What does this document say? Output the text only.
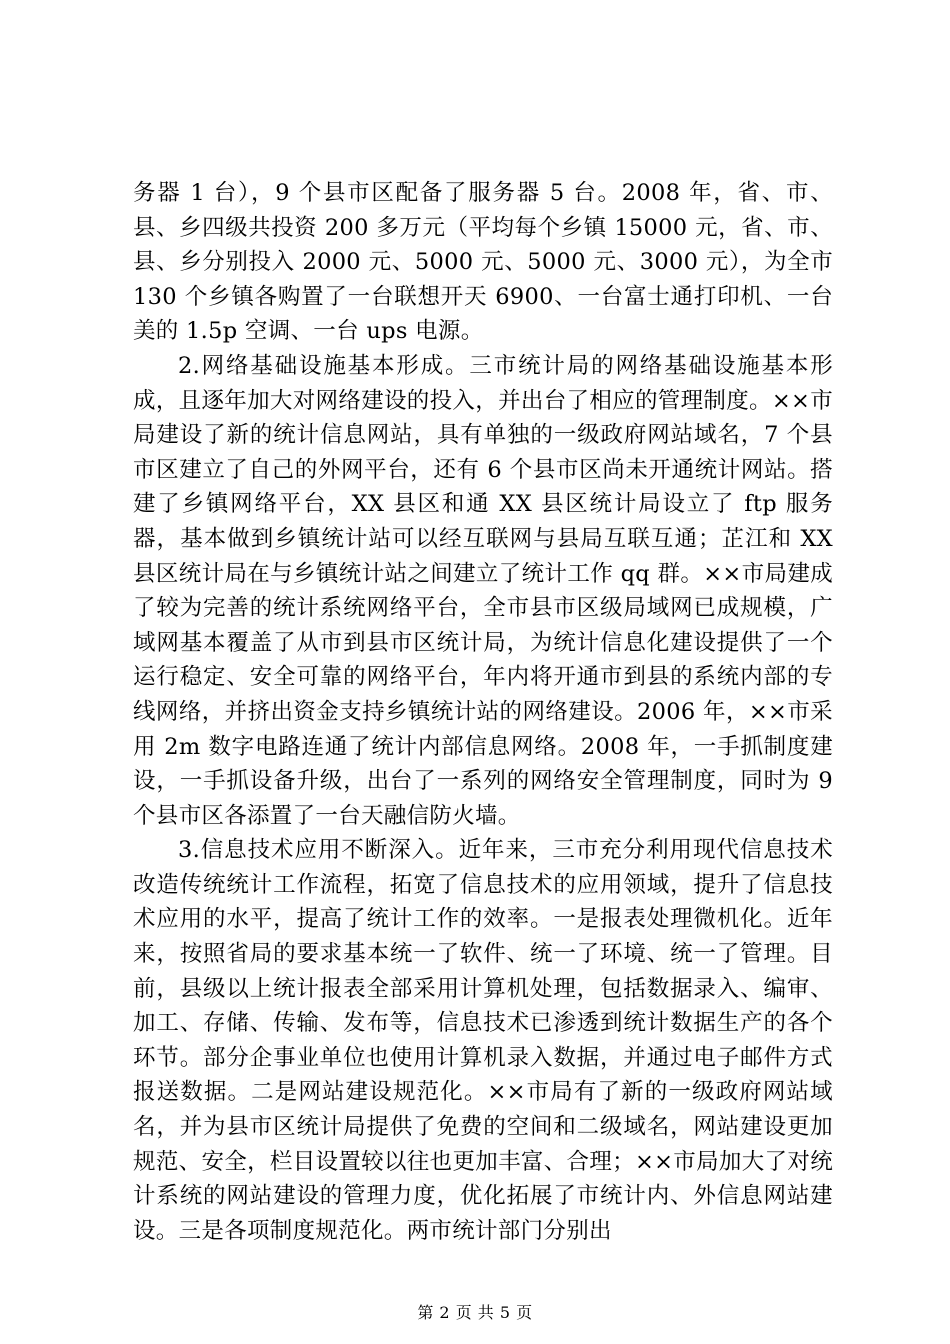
务器 1 台），9 个县市区配备了服务器 5 台。2008 年，省、市、县、乡四级共投资 200 多万元（平均每个乡镇 15000 元，省、市、县、乡分别投入 2000 元、5000 元、5000 元、3000 元），为全市 130 个乡镇各购置了一台联想开天 6900、一台富士通打印机、一台美的 1.5p 空调、一台 ups 电源。

2.网络基础设施基本形成。三市统计局的网络基础设施基本形成，且逐年加大对网络建设的投入，并出台了相应的管理制度。××市局建设了新的统计信息网站，具有单独的一级政府网站域名，7 个县市区建立了自己的外网平台，还有 6 个县市区尚未开通统计网站。搭建了乡镇网络平台，XX 县区和通 XX 县区统计局设立了 ftp 服务器，基本做到乡镇统计站可以经互联网与县局互联互通；芷江和 XX 县区统计局在与乡镇统计站之间建立了统计工作 qq 群。××市局建成了较为完善的统计系统网络平台，全市县市区级局域网已成规模，广域网基本覆盖了从市到县市区统计局，为统计信息化建设提供了一个运行稳定、安全可靠的网络平台，年内将开通市到县的系统内部的专线网络，并挤出资金支持乡镇统计站的网络建设。2006 年，××市采用 2m 数字电路连通了统计内部信息网络。2008 年，一手抓制度建设，一手抓设备升级，出台了一系列的网络安全管理制度，同时为 9 个县市区各添置了一台天融信防火墙。

3.信息技术应用不断深入。近年来，三市充分利用现代信息技术改造传统统计工作流程，拓宽了信息技术的应用领域，提升了信息技术应用的水平，提高了统计工作的效率。一是报表处理微机化。近年来，按照省局的要求基本统一了软件、统一了环境、统一了管理。目前，县级以上统计报表全部采用计算机处理，包括数据录入、编审、加工、存储、传输、发布等，信息技术已渗透到统计数据生产的各个环节。部分企事业单位也使用计算机录入数据，并通过电子邮件方式报送数据。二是网站建设规范化。××市局有了新的一级政府网站域名，并为县市区统计局提供了免费的空间和二级域名，网站建设更加规范、安全，栏目设置较以往也更加丰富、合理；××市局加大了对统计系统的网站建设的管理力度，优化拓展了市统计内、外信息网站建设。三是各项制度规范化。两市统计部门分别出

第 2 页 共 5 页
